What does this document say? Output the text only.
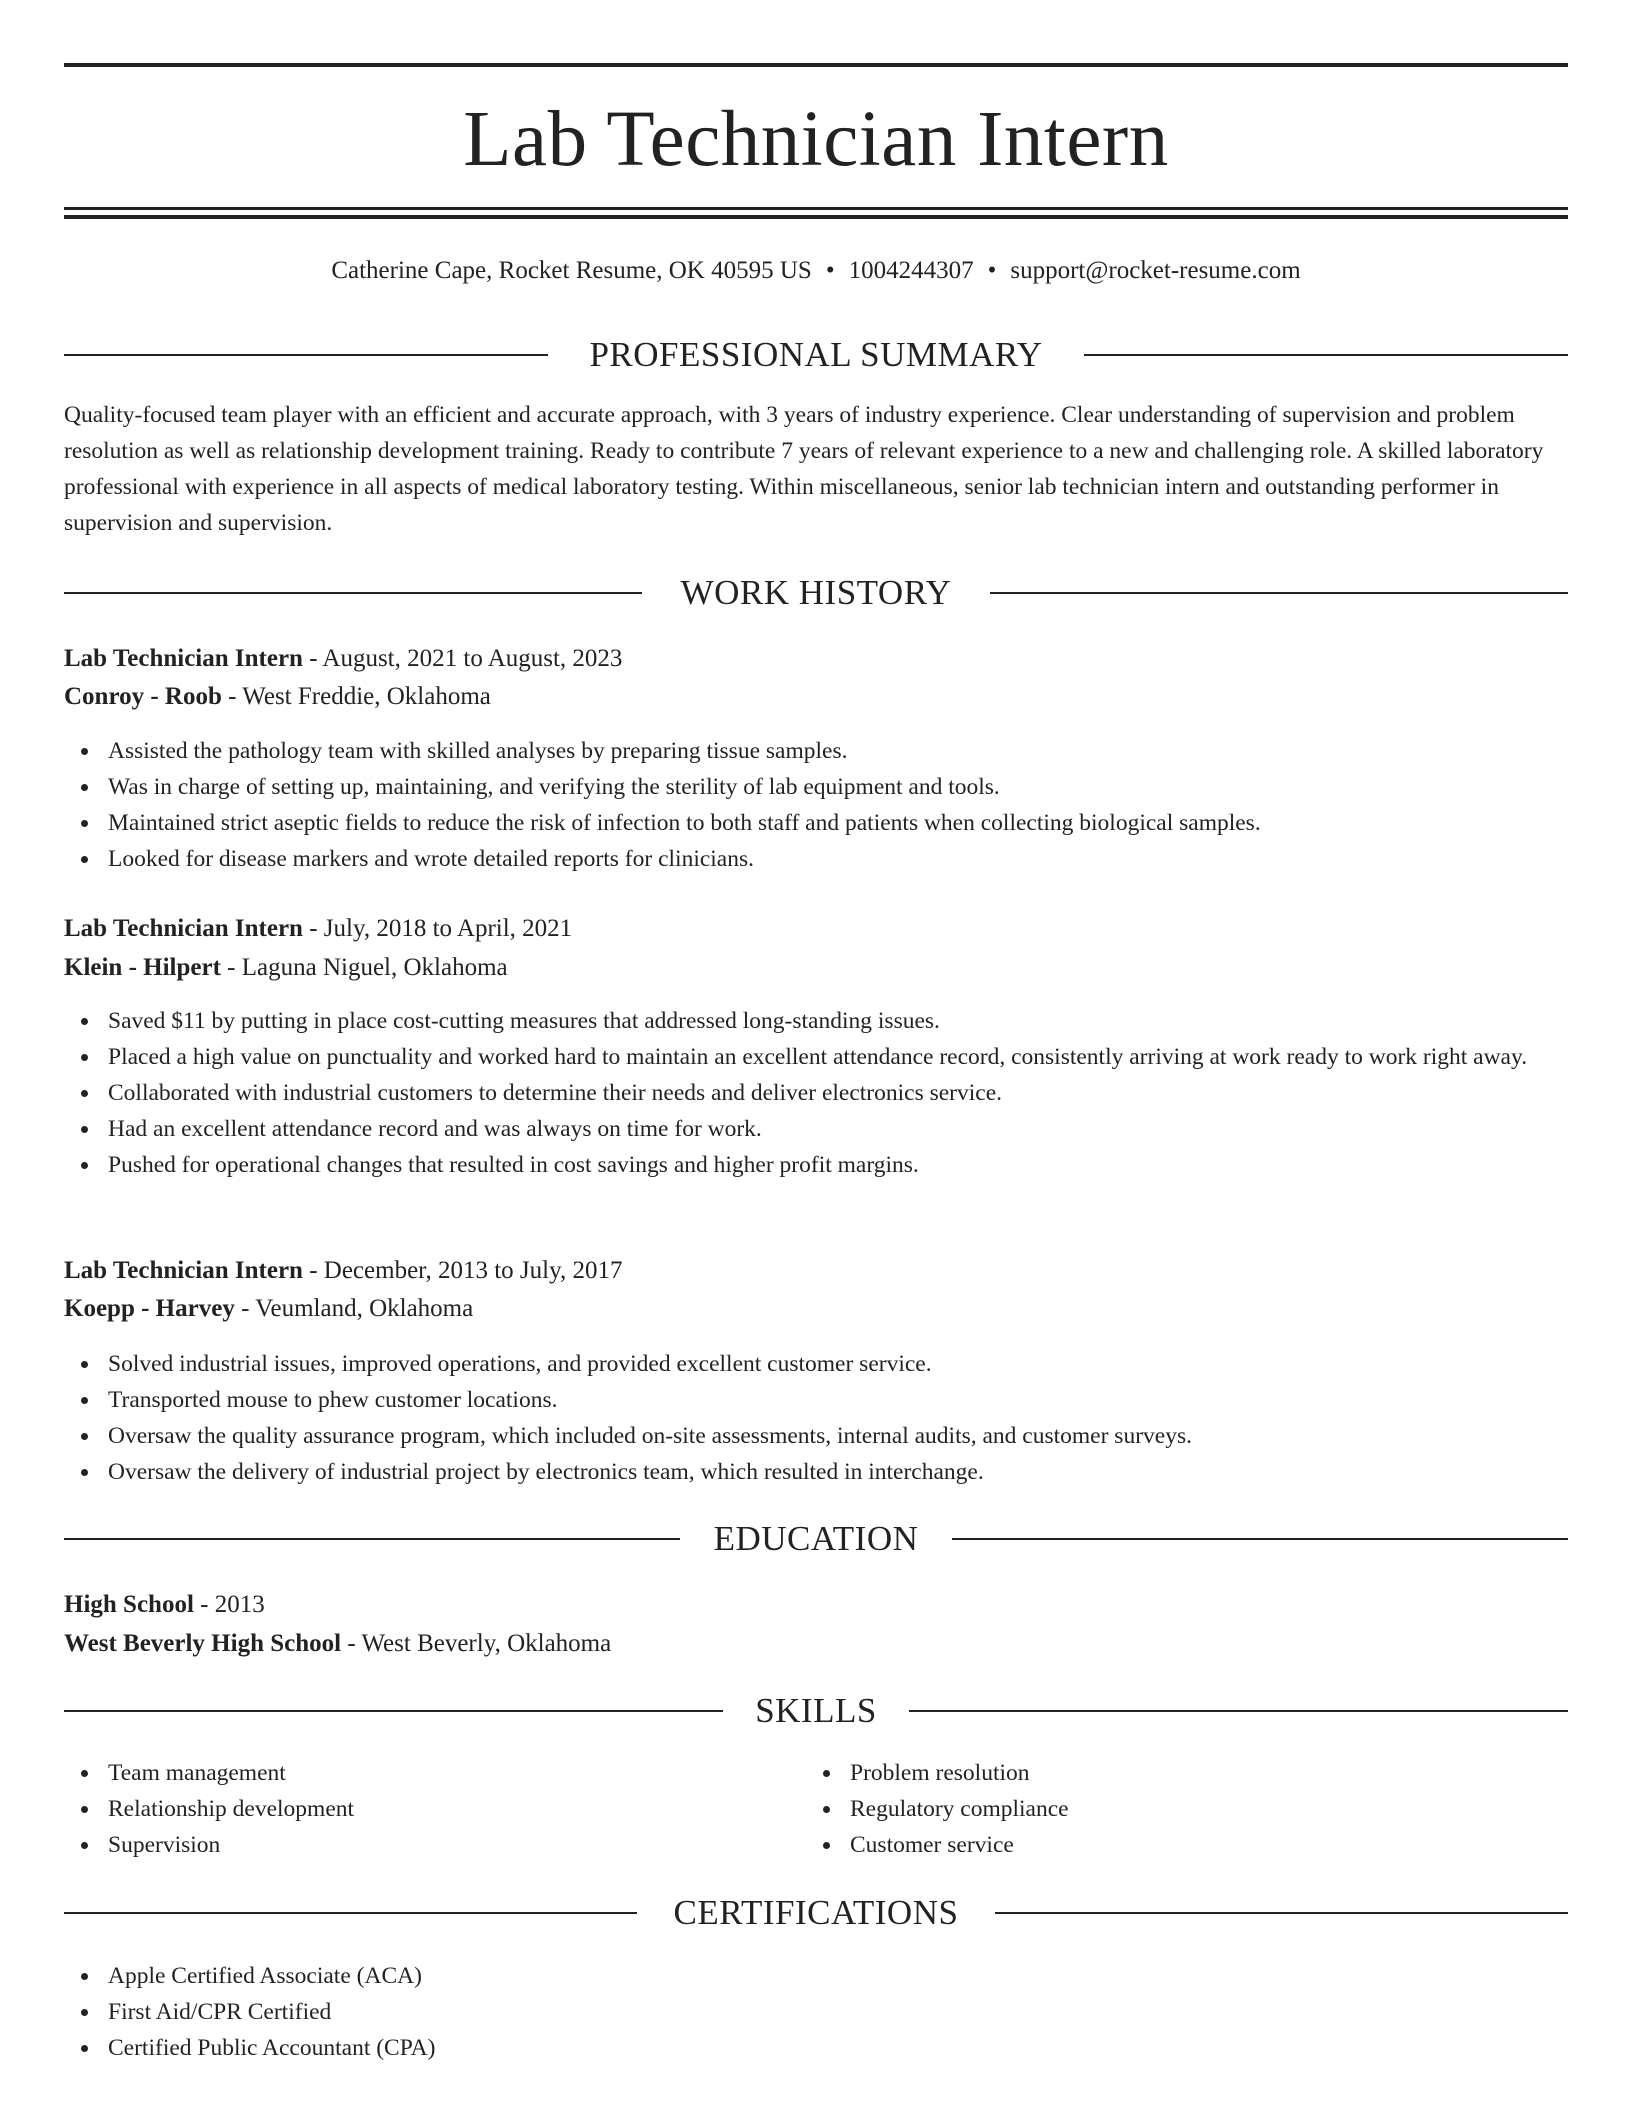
Lab Technician Intern
Catherine Cape, Rocket Resume, OK 40595 US • 1004244307 • support@rocket-resume.com
PROFESSIONAL SUMMARY
Quality-focused team player with an efficient and accurate approach, with 3 years of industry experience. Clear understanding of supervision and problem resolution as well as relationship development training. Ready to contribute 7 years of relevant experience to a new and challenging role. A skilled laboratory professional with experience in all aspects of medical laboratory testing. Within miscellaneous, senior lab technician intern and outstanding performer in supervision and supervision.
WORK HISTORY
Lab Technician Intern - August, 2021 to August, 2023
Conroy - Roob - West Freddie, Oklahoma
Assisted the pathology team with skilled analyses by preparing tissue samples.
Was in charge of setting up, maintaining, and verifying the sterility of lab equipment and tools.
Maintained strict aseptic fields to reduce the risk of infection to both staff and patients when collecting biological samples.
Looked for disease markers and wrote detailed reports for clinicians.
Lab Technician Intern - July, 2018 to April, 2021
Klein - Hilpert - Laguna Niguel, Oklahoma
Saved $11 by putting in place cost-cutting measures that addressed long-standing issues.
Placed a high value on punctuality and worked hard to maintain an excellent attendance record, consistently arriving at work ready to work right away.
Collaborated with industrial customers to determine their needs and deliver electronics service.
Had an excellent attendance record and was always on time for work.
Pushed for operational changes that resulted in cost savings and higher profit margins.
Lab Technician Intern - December, 2013 to July, 2017
Koepp - Harvey - Veumland, Oklahoma
Solved industrial issues, improved operations, and provided excellent customer service.
Transported mouse to phew customer locations.
Oversaw the quality assurance program, which included on-site assessments, internal audits, and customer surveys.
Oversaw the delivery of industrial project by electronics team, which resulted in interchange.
EDUCATION
High School - 2013
West Beverly High School - West Beverly, Oklahoma
SKILLS
Team management
Relationship development
Supervision
Problem resolution
Regulatory compliance
Customer service
CERTIFICATIONS
Apple Certified Associate (ACA)
First Aid/CPR Certified
Certified Public Accountant (CPA)
